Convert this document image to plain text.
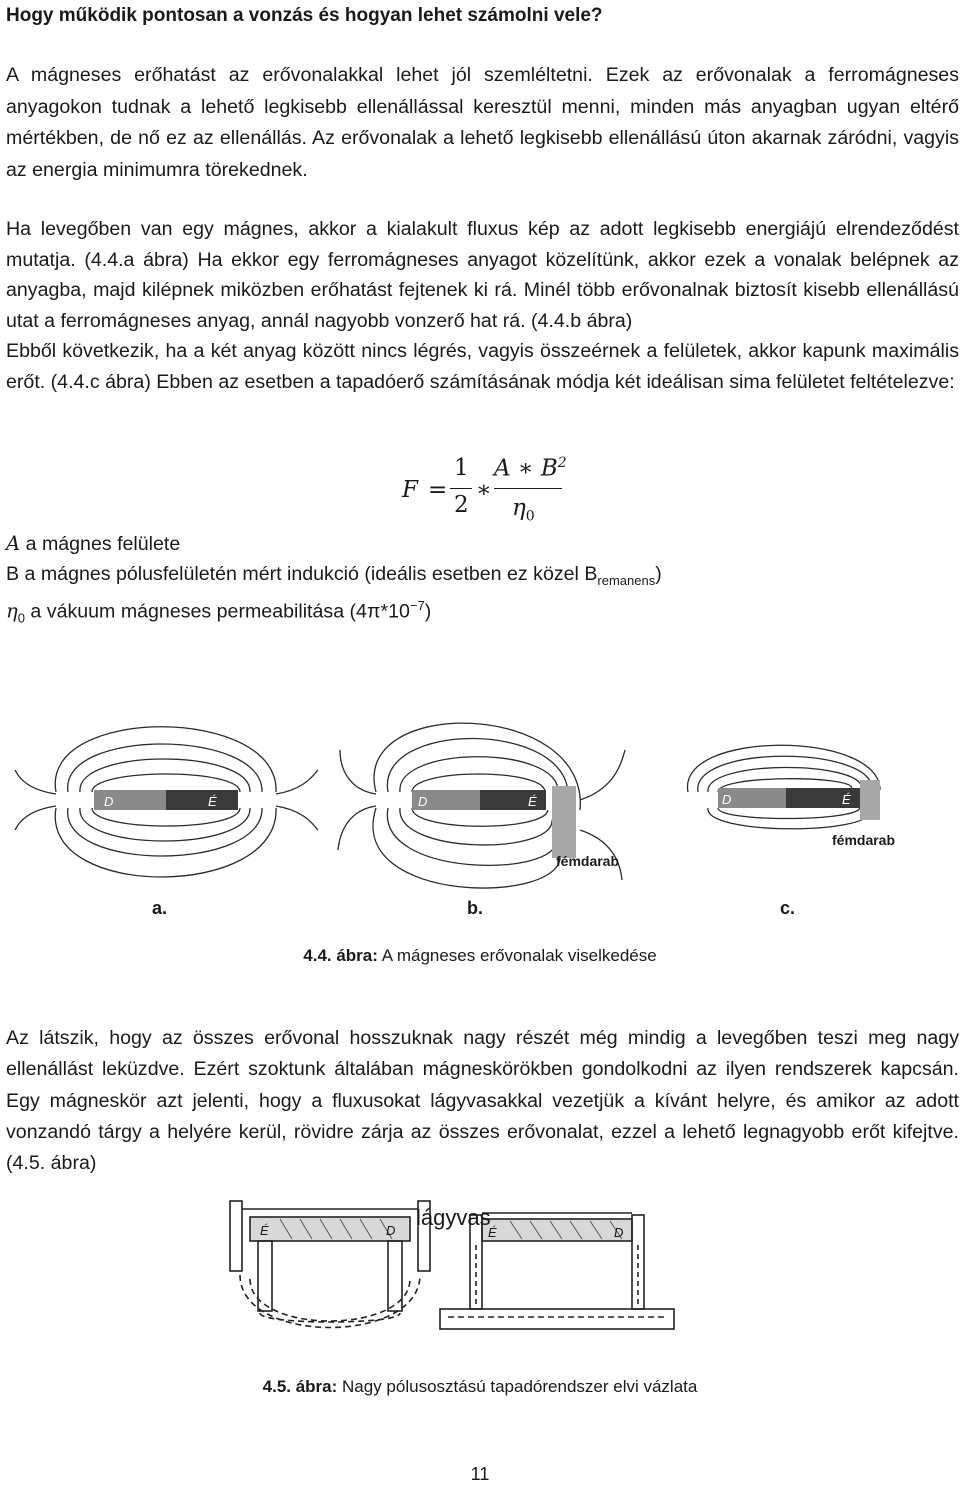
Hogy működik pontosan a vonzás és hogyan lehet számolni vele?

A mágneses erőhatást az erővonalakkal lehet jól szemléltetni. Ezek az erővonalak a ferromágneses anyagokon tudnak a lehető legkisebb ellenállással keresztül menni, minden más anyagban ugyan eltérő mértékben, de nő ez az ellenállás. Az erővonalak a lehető legkisebb ellenállású úton akarnak záródni, vagyis az energia minimumra törekednek.

Ha levegőben van egy mágnes, akkor a kialakult fluxus kép az adott legkisebb energiájú elrendeződést mutatja. (4.4.a ábra) Ha ekkor egy ferromágneses anyagot közelítünk, akkor ezek a vonalak belépnek az anyagba, majd kilépnek miközben erőhatást fejtenek ki rá. Minél több erővonalnak biztosít kisebb ellenállású utat a ferromágneses anyag, annál nagyobb vonzerő hat rá. (4.4.b ábra)
Ebből következik, ha a két anyag között nincs légrés, vagyis összeérnek a felületek, akkor kapunk maximális erőt. (4.4.c ábra) Ebben az esetben a tapadóerő számításának módja két ideálisan sima felületet feltételezve:
F =
1
2
∗
A ∗ $B^2$
$\eta_0$
A a mágnes felülete
B a mágnes pólusfelületén mért indukció (ideális esetben ez közel $B_{remanens}$)
$\eta_0$ a vákuum mágneses permeabilitása $(4\pi*10^{-7})$
D	É	D	É
fémdarab
D	É
fémdarab
a.	b.	c.
4.4. ábra: A mágneses erővonalak viselkedése

Az látszik, hogy az összes erővonal hosszuknak nagy részét még mindig a levegőben teszi meg nagy ellenállást leküzdve. Ezért szoktunk általában mágneskörökben gondolkodni az ilyen rendszerek kapcsán. Egy mágneskör azt jelenti, hogy a fluxusokat lágyvasakkal vezetjük a kívánt helyre, és amikor az adott vonzandó tárgy a helyére kerül, rövidre zárja az összes erővonalat, ezzel a lehető legnagyobb erőt kifejtve. (4.5. ábra)

É	D	É	D
lágyvas
4.5. ábra: Nagy pólusosztású tapadórendszer elvi vázlata
11
